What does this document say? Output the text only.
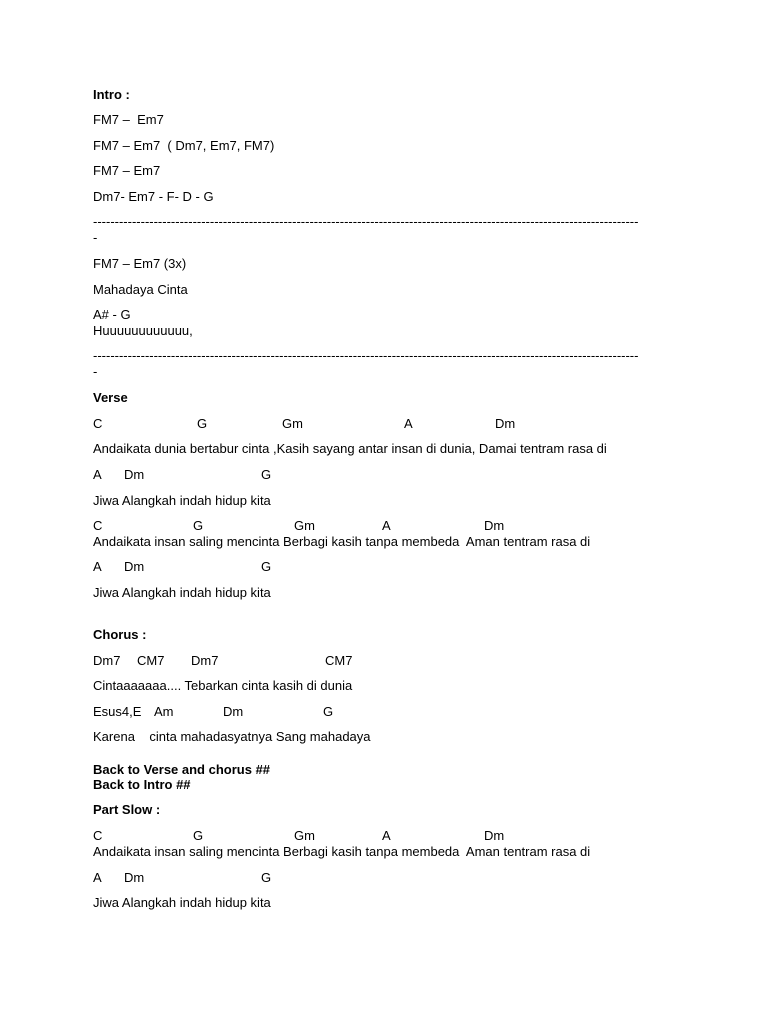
Intro :
FM7 –  Em7
FM7 – Em7  ( Dm7, Em7, FM7)
FM7 – Em7
Dm7- Em7 - F- D - G
------------------------------------------------------------------------------------------------------------------------------
-
FM7 – Em7 (3x)
Mahadaya Cinta
A# - G
Huuuuuuuuuuuu,
------------------------------------------------------------------------------------------------------------------------------
-
Verse
C	G	Gm	A	Dm
Andaikata dunia bertabur cinta ,Kasih sayang antar insan di dunia, Damai tentram rasa di
A Dm	G
Jiwa Alangkah indah hidup kita
C	G	Gm	A	Dm
Andaikata insan saling mencinta Berbagi kasih tanpa membeda  Aman tentram rasa di
A Dm	G
Jiwa Alangkah indah hidup kita
Chorus :
Dm7 CM7 Dm7	CM7
Cintaaaaaaa.... Tebarkan cinta kasih di dunia
Esus4,E Am	Dm	G
Karena    cinta mahadasyatnya Sang mahadaya
Back to Verse and chorus ##
Back to Intro ##
Part Slow :
C	G	Gm	A	Dm
Andaikata insan saling mencinta Berbagi kasih tanpa membeda  Aman tentram rasa di
A Dm	G
Jiwa Alangkah indah hidup kita
